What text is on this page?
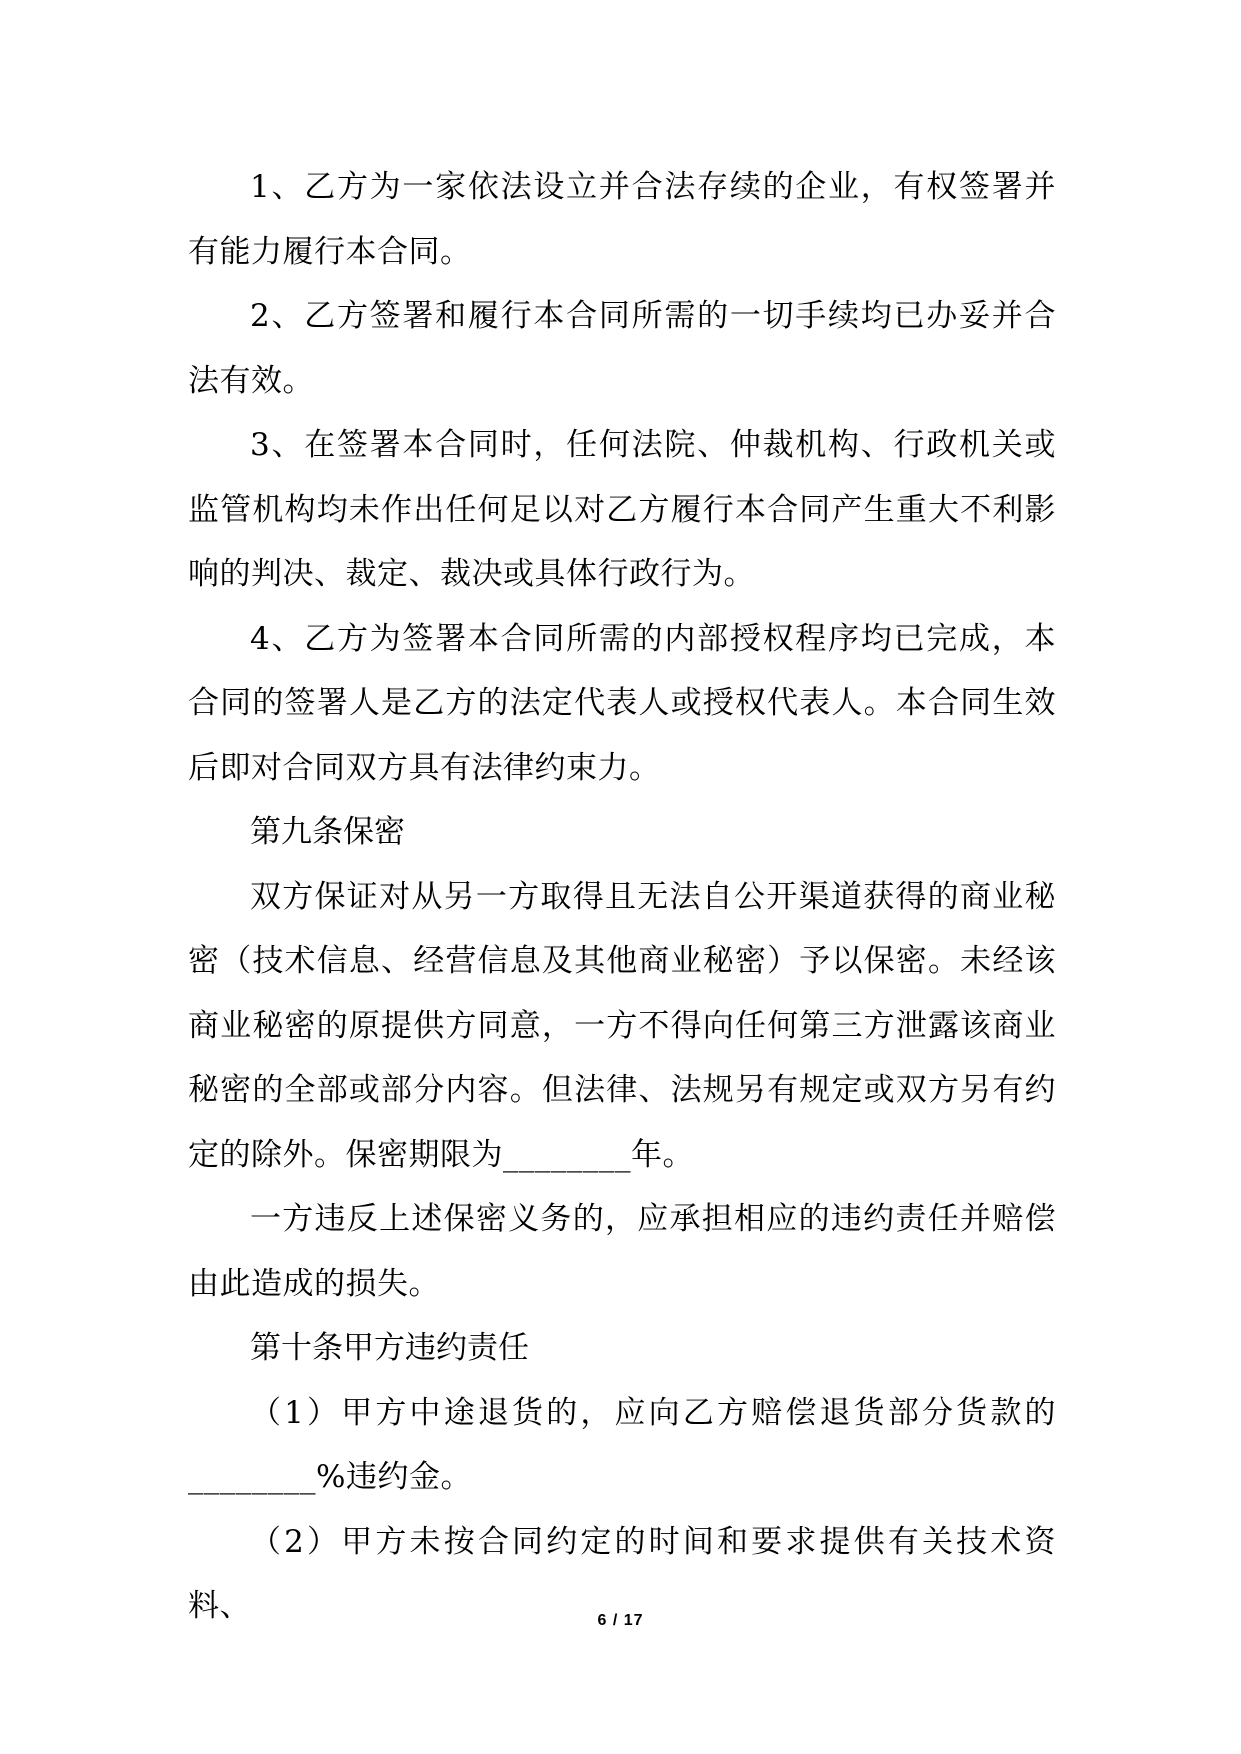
1、乙方为一家依法设立并合法存续的企业，有权签署并有能力履行本合同。

2、乙方签署和履行本合同所需的一切手续均已办妥并合法有效。

3、在签署本合同时，任何法院、仲裁机构、行政机关或监管机构均未作出任何足以对乙方履行本合同产生重大不利影响的判决、裁定、裁决或具体行政行为。

4、乙方为签署本合同所需的内部授权程序均已完成，本合同的签署人是乙方的法定代表人或授权代表人。本合同生效后即对合同双方具有法律约束力。

第九条保密

双方保证对从另一方取得且无法自公开渠道获得的商业秘密（技术信息、经营信息及其他商业秘密）予以保密。未经该商业秘密的原提供方同意，一方不得向任何第三方泄露该商业秘密的全部或部分内容。但法律、法规另有规定或双方另有约定的除外。保密期限为________年。

一方违反上述保密义务的，应承担相应的违约责任并赔偿由此造成的损失。

第十条甲方违约责任

（1）甲方中途退货的，应向乙方赔偿退货部分货款的________%违约金。

（2）甲方未按合同约定的时间和要求提供有关技术资料、	6 / 17
